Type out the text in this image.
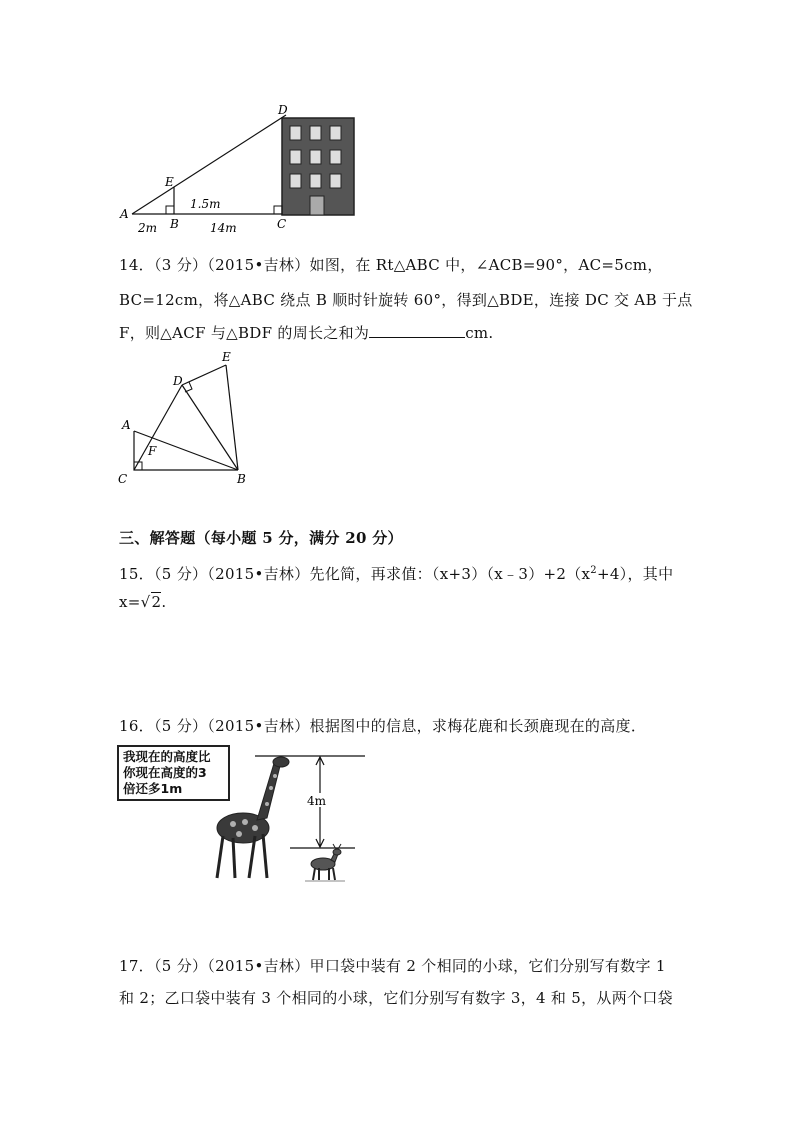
D
E
A
B	C
1.5m
2m	14m
14．（3 分）（2015•吉林）如图，在 Rt△ABC 中，∠ACB=90°，AC=5cm，
BC=12cm，将△ABC 绕点 B 顺时针旋转 60°，得到△BDE，连接 DC 交 AB 于点
F，则△ACF 与△BDF 的周长之和为	cm.
E
D
A
F
C	B
三、解答题（每小题 5 分，满分 20 分）
15．（5 分）（2015•吉林）先化简，再求值：$(x+3)(x﹣3)+2(x^2+4)$，其中
x=√2.
16．（5 分）（2015•吉林）根据图中的信息，求梅花鹿和长颈鹿现在的高度．
我现在的高度比
你现在高度的3
倍还多1m
4m
17．（5 分）（2015•吉林）甲口袋中装有 2 个相同的小球，它们分别写有数字 1
和 2；乙口袋中装有 3 个相同的小球，它们分别写有数字 3，4 和 5，从两个口袋
